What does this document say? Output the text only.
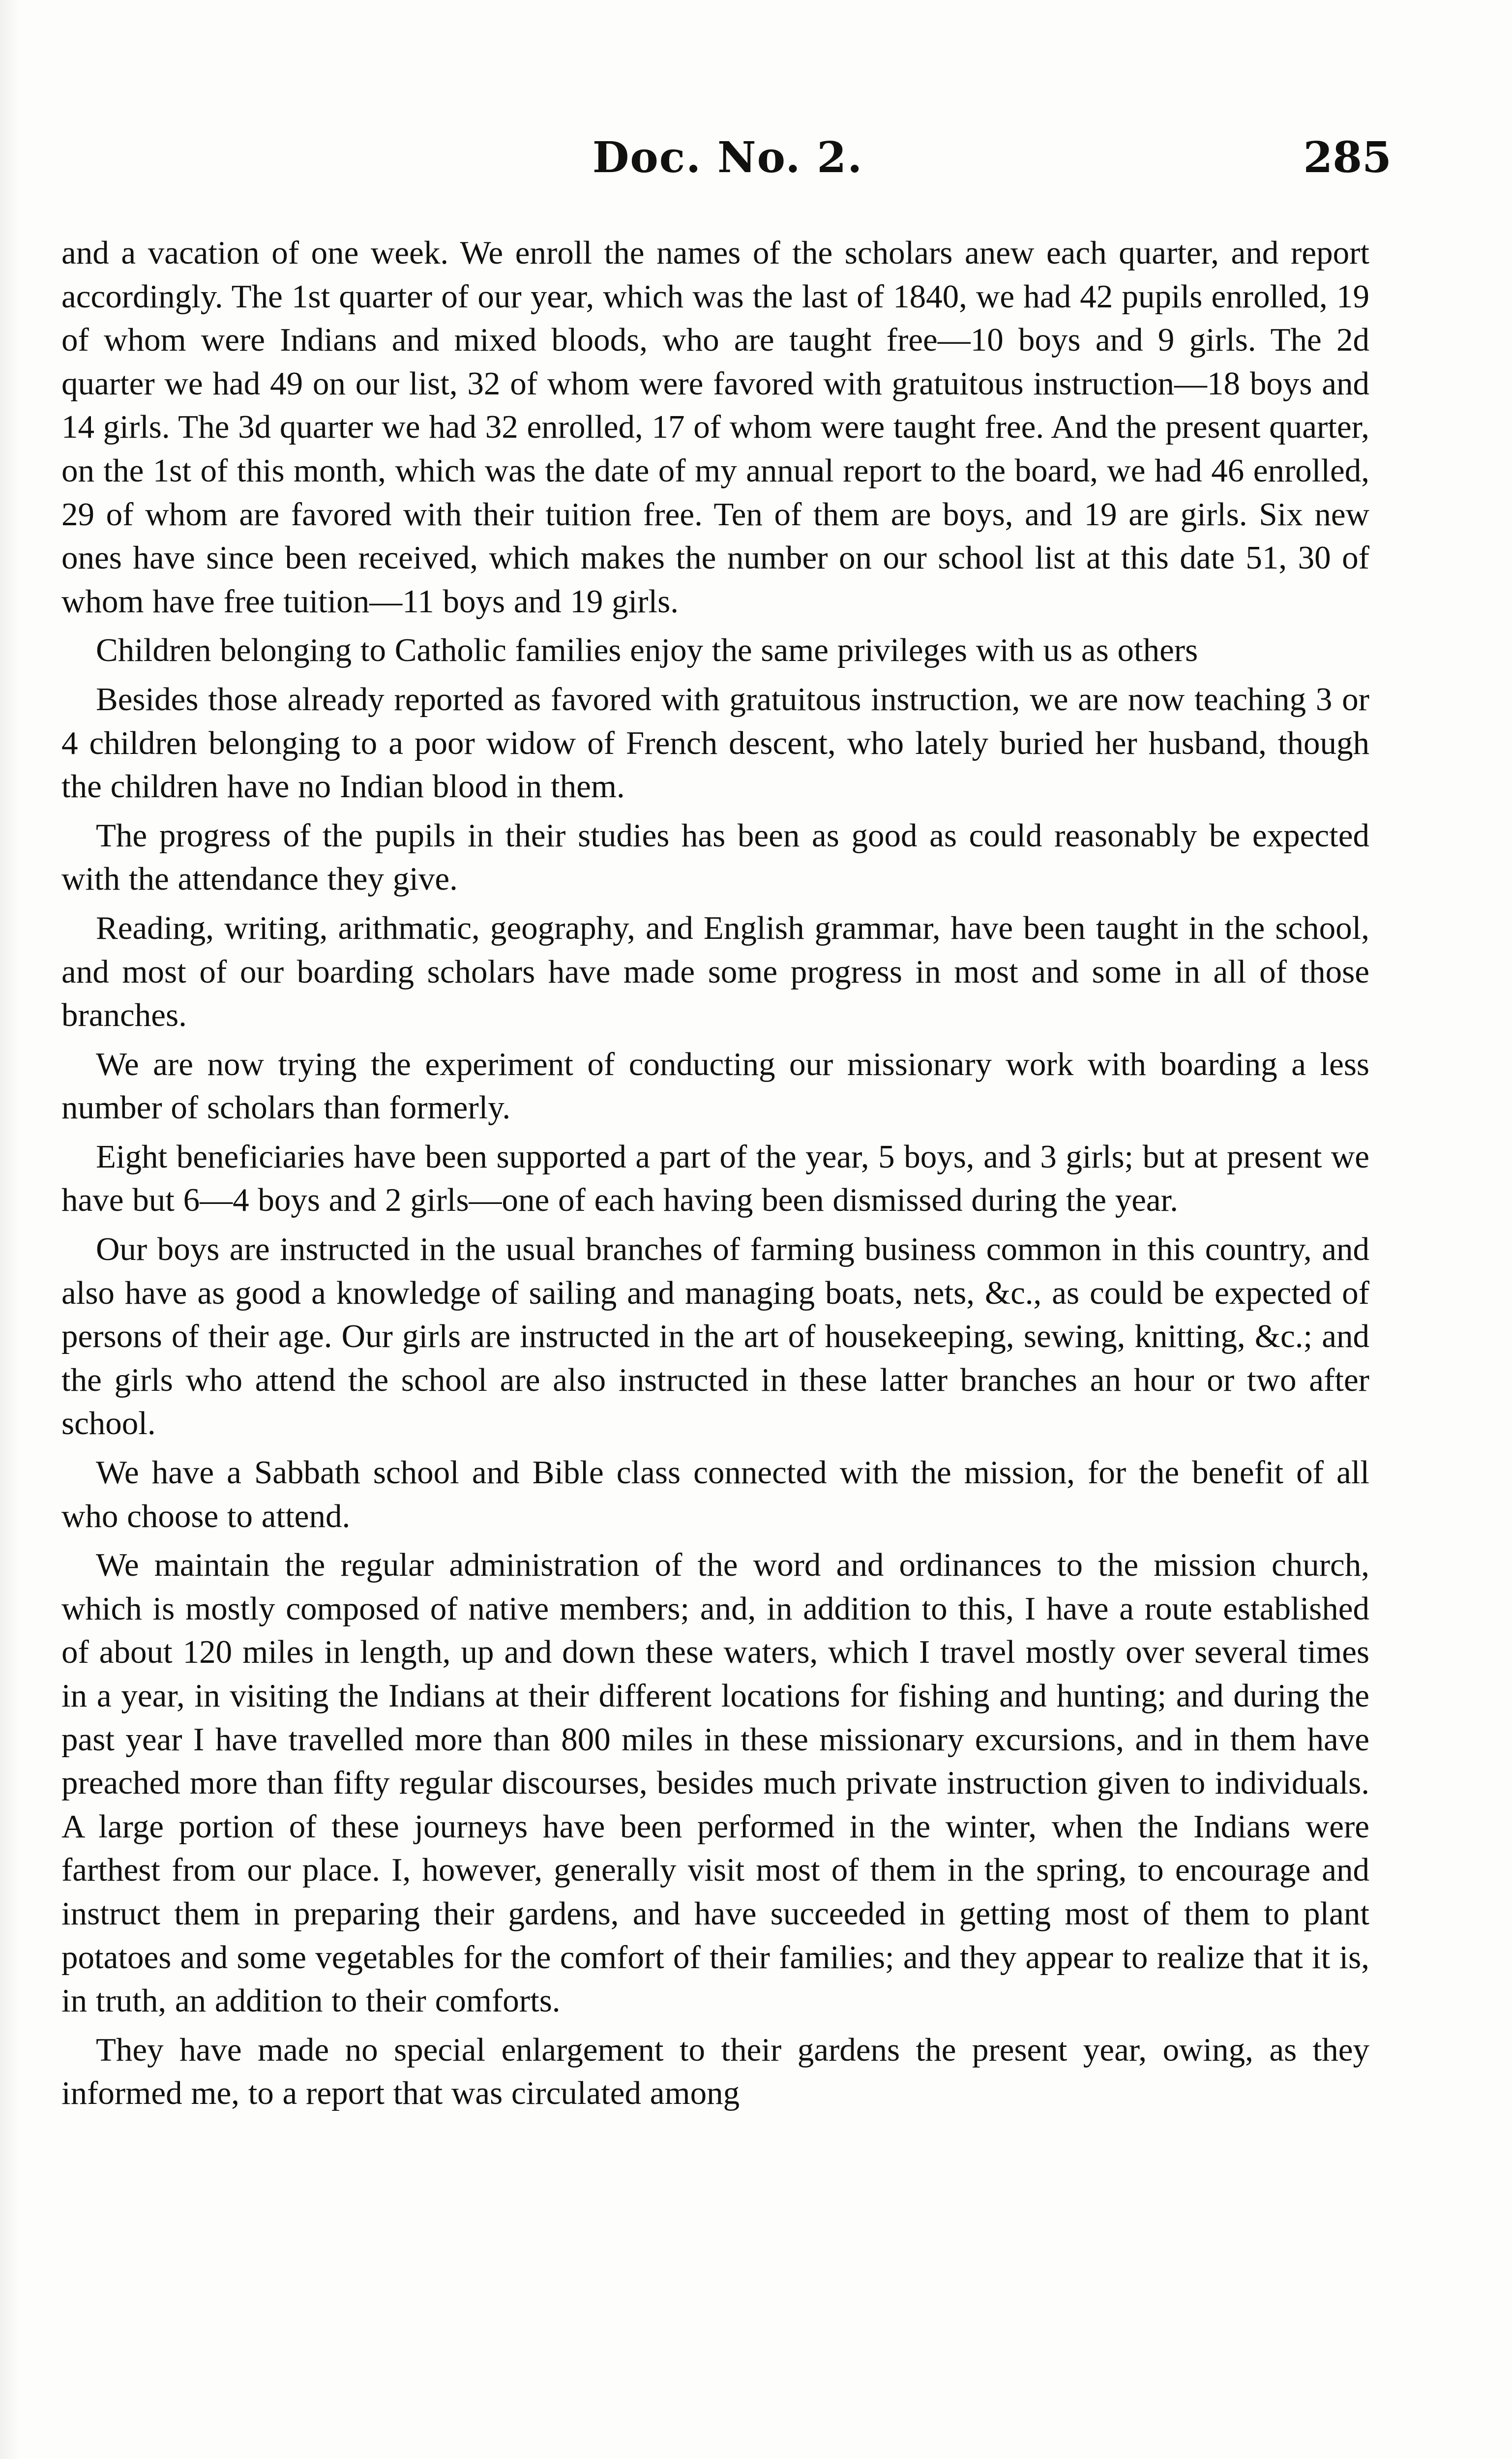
Doc. No. 2.	285

and a vacation of one week. We enroll the names of the scholars anew each quarter, and report accordingly. The 1st quarter of our year, which was the last of 1840, we had 42 pupils enrolled, 19 of whom were Indians and mixed bloods, who are taught free—10 boys and 9 girls. The 2d quarter we had 49 on our list, 32 of whom were favored with gratuitous instruction—18 boys and 14 girls. The 3d quarter we had 32 enrolled, 17 of whom were taught free. And the present quarter, on the 1st of this month, which was the date of my annual report to the board, we had 46 enrolled, 29 of whom are favored with their tuition free. Ten of them are boys, and 19 are girls. Six new ones have since been received, which makes the number on our school list at this date 51, 30 of whom have free tuition—11 boys and 19 girls.

Children belonging to Catholic families enjoy the same privileges with us as others

Besides those already reported as favored with gratuitous instruction, we are now teaching 3 or 4 children belonging to a poor widow of French descent, who lately buried her husband, though the children have no Indian blood in them.

The progress of the pupils in their studies has been as good as could reasonably be expected with the attendance they give.

Reading, writing, arithmatic, geography, and English grammar, have been taught in the school, and most of our boarding scholars have made some progress in most and some in all of those branches.

We are now trying the experiment of conducting our missionary work with boarding a less number of scholars than formerly.

Eight beneficiaries have been supported a part of the year, 5 boys, and 3 girls; but at present we have but 6—4 boys and 2 girls—one of each having been dismissed during the year.

Our boys are instructed in the usual branches of farming business common in this country, and also have as good a knowledge of sailing and managing boats, nets, &c., as could be expected of persons of their age. Our girls are instructed in the art of housekeeping, sewing, knitting, &c.; and the girls who attend the school are also instructed in these latter branches an hour or two after school.

We have a Sabbath school and Bible class connected with the mission, for the benefit of all who choose to attend.

We maintain the regular administration of the word and ordinances to the mission church, which is mostly composed of native members; and, in addition to this, I have a route established of about 120 miles in length, up and down these waters, which I travel mostly over several times in a year, in visiting the Indians at their different locations for fishing and hunting; and during the past year I have travelled more than 800 miles in these missionary excursions, and in them have preached more than fifty regular discourses, besides much private instruction given to individuals. A large portion of these journeys have been performed in the winter, when the Indians were farthest from our place. I, however, generally visit most of them in the spring, to encourage and instruct them in preparing their gardens, and have succeeded in getting most of them to plant potatoes and some vegetables for the comfort of their families; and they appear to realize that it is, in truth, an addition to their comforts.

They have made no special enlargement to their gardens the present year, owing, as they informed me, to a report that was circulated among
